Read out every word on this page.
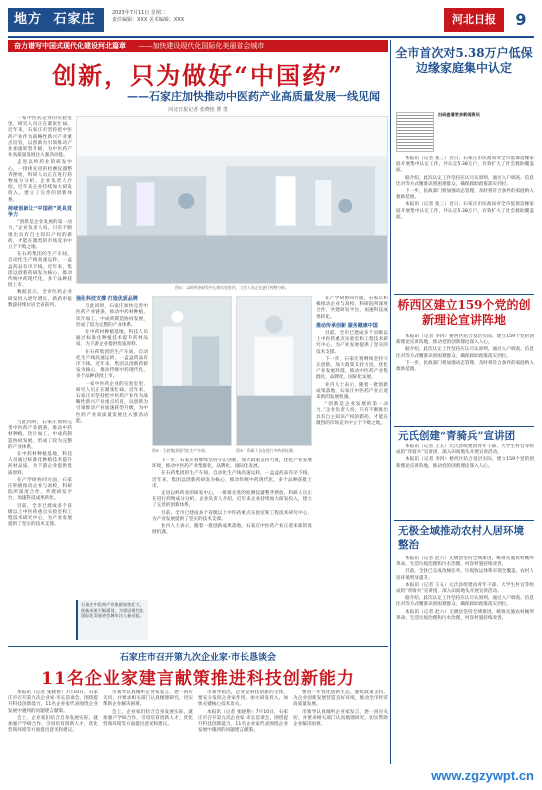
地方 石家庄	2023年7月11日 星期二
责任编辑：XXX 美术编辑：XXX	河北日报	9
奋力谱写中国式现代化建设河北篇章 ——加快建设现代化国际化美丽省会城市
创新，只为做好“中国药”
——石家庄加快推动中医药产业高质量发展一线见闻
河北日报记者 张晓艳 曹 勇

一家中医药企业的实验室里，研究人员正在紧张忙碌。近年来，石家庄市坚持把中医药产业作为战略性新兴产业重点培育，以创新为引领推动产业加速转型升级，为中医药产业高质量发展注入强劲动能。

走进以岭药业的研发中心，一排排先进的检测仪器整齐摆放，科研人员正在进行药物成分分析。企业负责人介绍，近年来企业持续加大研发投入，建立了完善的创新体系。

持续创新让“中国药”更具竞争力

“创新是企业发展的第一动力。”企业负责人说，只有不断推出具有自主知识产权的新药，才能在激烈的市场竞争中立于不败之地。

在石药集团的生产车间，自动化生产线高速运转，一盒盒药品有序下线。近年来，集团以创新药研发为核心，推动传统中药现代化，多个品种获批上市。

数据显示，全市医药企业研发投入逐年增长，新药申报数量持续位居全省前列。

与此同时，石家庄加快完善中医药产业链条，推动中药材种植、饮片加工、中成药制造协同发展，形成了较为完整的产业体系。

在中药材种植基地，科技人员通过标准化种植技术提升药材品质，为下游企业提供优质原料。

在产学研协同方面，石家庄积极推动企业与高校、科研院所深度合作，共建研发平台，加速科技成果转化。

目前，全市已建成多个省级以上中医药重点实验室和工程技术研究中心，为产业发展提供了坚实的技术支撑。

图①：以岭药业研发中心的实验室内，工作人员正在进行药物分析。
强化科技支撑 打造优质品牌

与此同时，石家庄加快完善中医药产业链条，推动中药材种植、饮片加工、中成药制造协同发展，形成了较为完整的产业体系。

在中药材种植基地，科技人员通过标准化种植技术提升药材品质，为下游企业提供优质原料。

在石药集团的生产车间，自动化生产线高速运转，一盒盒药品有序下线。近年来，集团以创新药研发为核心，推动传统中药现代化，多个品种获批上市。

一家中医药企业的实验室里，研究人员正在紧张忙碌。近年来，石家庄市坚持把中医药产业作为战略性新兴产业重点培育，以创新为引领推动产业加速转型升级，为中医药产业高质量发展注入强劲动能。

石家庄中医药产业集群加快壮大，创新成果不断涌现，为建设现代化国际化美丽省会城市注入新动能。
图②：石药集团现代化生产车间。	图③：科研人员在进行中药材检测。

在产学研协同方面，石家庄积极推动企业与高校、科研院所深度合作，共建研发平台，加速科技成果转化。

推动传承创新 服务健康中国

目前，全市已建成多个省级以上中医药重点实验室和工程技术研究中心，为产业发展提供了坚实的技术支撑。

下一步，石家庄将继续坚持守正创新，加大政策支持力度，优化产业发展环境，推动中医药产业集群化、品牌化、国际化发展。

业内人士表示，随着一批创新成果落地，石家庄中医药产业正迎来新的发展机遇。

“创新是企业发展的第一动力。”企业负责人说，只有不断推出具有自主知识产权的新药，才能在激烈的市场竞争中立于不败之地。

下一步，石家庄将继续坚持守正创新，加大政策支持力度，优化产业发展环境，推动中医药产业集群化、品牌化、国际化发展。

在石药集团的生产车间，自动化生产线高速运转，一盒盒药品有序下线。近年来，集团以创新药研发为核心，推动传统中药现代化，多个品种获批上市。

走进以岭药业的研发中心，一排排先进的检测仪器整齐摆放，科研人员正在进行药物成分分析。企业负责人介绍，近年来企业持续加大研发投入，建立了完善的创新体系。

目前，全市已建成多个省级以上中医药重点实验室和工程技术研究中心，为产业发展提供了坚实的技术支撑。

业内人士表示，随着一批创新成果落地，石家庄中医药产业正迎来新的发展机遇。

全市首次对5.38万户低保边缘家庭集中认定
扫码查看更多新闻资讯

本报讯（记者 张三）近日，石家庄市民政局对全市低保边缘家庭开展集中认定工作，共认定5.38万户，有效扩大了社会救助覆盖面。

据介绍，此次认定工作坚持应认尽认原则，通过入户调查、信息比对等方式精准识别困难群众，确保救助政策落实到位。

下一步，民政部门将加强动态管理，及时将符合条件的家庭纳入救助范围。

本报讯（记者 张三）近日，石家庄市民政局对全市低保边缘家庭开展集中认定工作，共认定5.38万户，有效扩大了社会救助覆盖面。

桥西区建立159个党的创新理论宣讲阵地

本报讯（记者 李四）桥西区结合基层实际，建立159个党的创新理论宣讲阵地，推动党的创新理论深入人心。

据介绍，此次认定工作坚持应认尽认原则，通过入户调查、信息比对等方式精准识别困难群众，确保救助政策落实到位。

下一步，民政部门将加强动态管理，及时将符合条件的家庭纳入救助范围。

元氏创建“青骑兵”宣讲团

本报讯（记者 王五）元氏县组建由青年干部、大学生村官等组成的“青骑兵”宣讲团，深入田间地头开展宣讲活动。

本报讯（记者 李四）桥西区结合基层实际，建立159个党的创新理论宣讲阵地，推动党的创新理论深入人心。

无极全域推动农村人居环境整治

本报讯（记者 赵六）无极县坚持全域推进，统筹实施农村厕所革命、生活垃圾治理和污水治理，村容村貌持续改善。

目前，全县已完成改厕任务，垃圾收运体系实现全覆盖，农村人居环境明显提升。

本报讯（记者 王五）元氏县组建由青年干部、大学生村官等组成的“青骑兵”宣讲团，深入田间地头开展宣讲活动。

据介绍，此次认定工作坚持应认尽认原则，通过入户调查、信息比对等方式精准识别困难群众，确保救助政策落实到位。

本报讯（记者 赵六）无极县坚持全域推进，统筹实施农村厕所革命、生活垃圾治理和污水治理，村容村貌持续改善。

石家庄市召开第九次企业家·市长恳谈会
11名企业家建言献策推进科技创新能力

本报讯（记者 张晓艳）7月10日，石家庄市召开第九次企业家·市长恳谈会，围绕提升科技创新能力，11名企业家代表围绕企业发展中遇到的问题建言献策。

会上，企业家们结合自身发展实际，就加强产学研合作、引进培育创新人才、优化营商环境等方面提出意见和建议。

市领导认真倾听企业家发言，逐一回应关切，并要求相关部门认真梳理研究，切实帮助企业解决困难。

会上，企业家们结合自身发展实际，就加强产学研合作、引进培育创新人才、优化营商环境等方面提出意见和建议。

市领导指出，企业是科技创新的主体，要充分发挥企业家作用，加大研发投入，加快关键核心技术攻关。

本报讯（记者 张晓艳）7月10日，石家庄市召开第九次企业家·市长恳谈会，围绕提升科技创新能力，11名企业家代表围绕企业发展中遇到的问题建言献策。

要进一步优化创新生态，强化政策支持，为企业创新发展营造良好环境，推动全市经济高质量发展。

市领导认真倾听企业家发言，逐一回应关切，并要求相关部门认真梳理研究，切实帮助企业解决困难。

www.zgzywpt.cn
